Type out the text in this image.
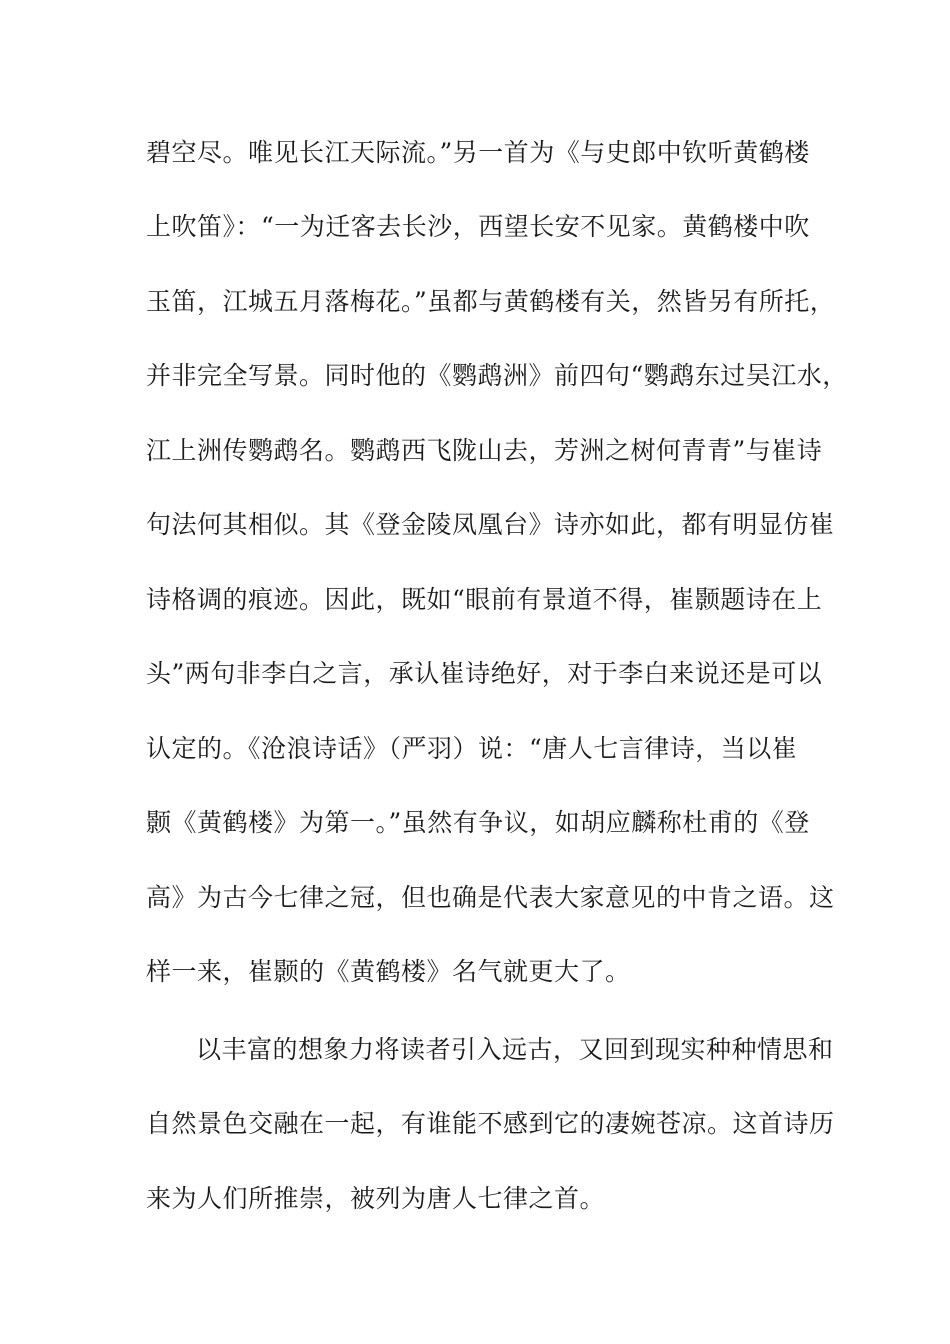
碧空尽。唯见长江天际流。”另一首为《与史郎中钦听黄鹤楼
上吹笛》：“一为迁客去长沙，西望长安不见家。黄鹤楼中吹
玉笛，江城五月落梅花。”虽都与黄鹤楼有关，然皆另有所托，
并非完全写景。同时他的《鹦鹉洲》前四句“鹦鹉东过吴江水，
江上洲传鹦鹉名。鹦鹉西飞陇山去，芳洲之树何青青”与崔诗
句法何其相似。其《登金陵凤凰台》诗亦如此，都有明显仿崔
诗格调的痕迹。因此，既如“眼前有景道不得，崔颢题诗在上
头”两句非李白之言，承认崔诗绝好，对于李白来说还是可以
认定的。《沧浪诗话》（严羽）说：“唐人七言律诗，当以崔
颢《黄鹤楼》为第一。”虽然有争议，如胡应麟称杜甫的《登
高》为古今七律之冠，但也确是代表大家意见的中肯之语。这
样一来，崔颢的《黄鹤楼》名气就更大了。
以丰富的想象力将读者引入远古，又回到现实种种情思和
自然景色交融在一起，有谁能不感到它的凄婉苍凉。这首诗历
来为人们所推崇，被列为唐人七律之首。
